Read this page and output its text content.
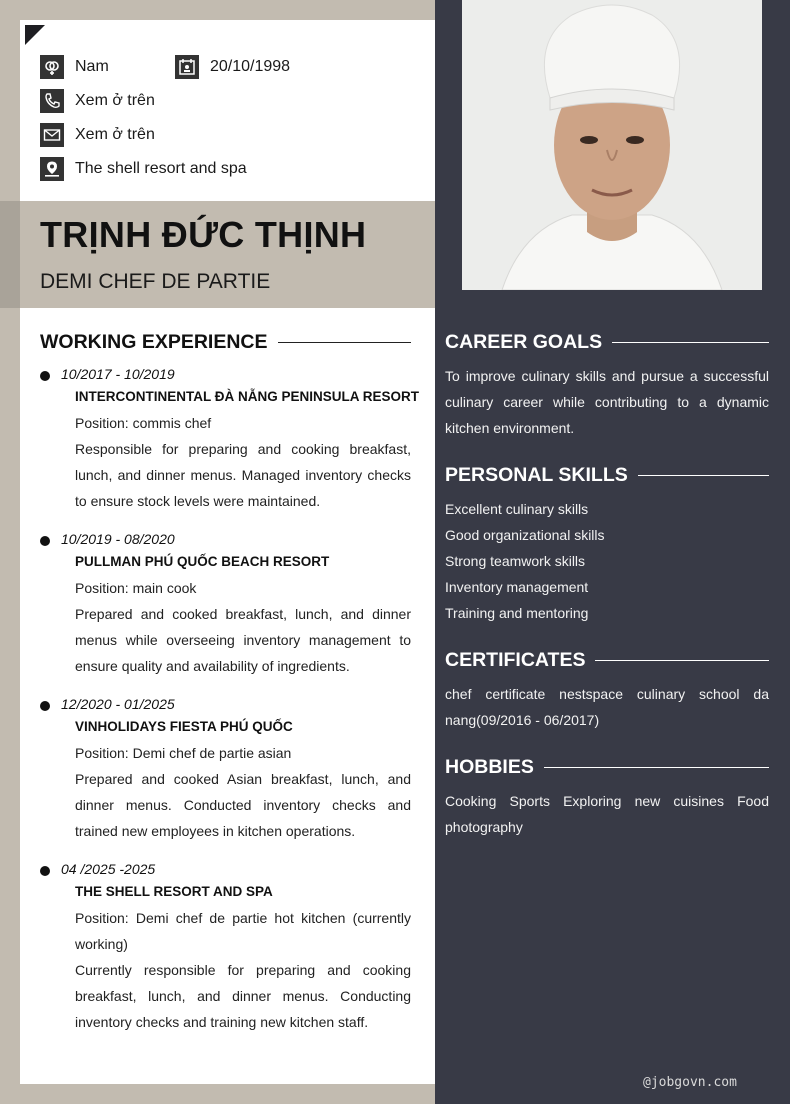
Nam	20/10/1998
Xem ở trên
Xem ở trên
The shell resort and spa
TRỊNH ĐỨC THỊNH
DEMI CHEF DE PARTIE
WORKING EXPERIENCE
10/2017 - 10/2019
INTERCONTINENTAL ĐÀ NẴNG PENINSULA RESORT
Position: commis chef
Responsible for preparing and cooking breakfast, lunch, and dinner menus. Managed inventory checks to ensure stock levels were maintained.
10/2019 - 08/2020
PULLMAN PHÚ QUỐC BEACH RESORT
Position: main cook
Prepared and cooked breakfast, lunch, and dinner menus while overseeing inventory management to ensure quality and availability of ingredients.
12/2020 - 01/2025
VINHOLIDAYS FIESTA PHÚ QUỐC
Position: Demi chef de partie asian
Prepared and cooked Asian breakfast, lunch, and dinner menus. Conducted inventory checks and trained new employees in kitchen operations.
04 /2025 -2025
THE SHELL RESORT AND SPA
Position: Demi chef de partie hot kitchen (currently working)
Currently responsible for preparing and cooking breakfast, lunch, and dinner menus. Conducting inventory checks and training new kitchen staff.
CAREER GOALS
To improve culinary skills and pursue a successful culinary career while contributing to a dynamic kitchen environment.
PERSONAL SKILLS
Excellent culinary skills
Good organizational skills
Strong teamwork skills
Inventory management
Training and mentoring
CERTIFICATES
chef certificate nestspace culinary school da nang(09/2016 - 06/2017)
HOBBIES
Cooking Sports Exploring new cuisines Food photography
@jobgovn.com
